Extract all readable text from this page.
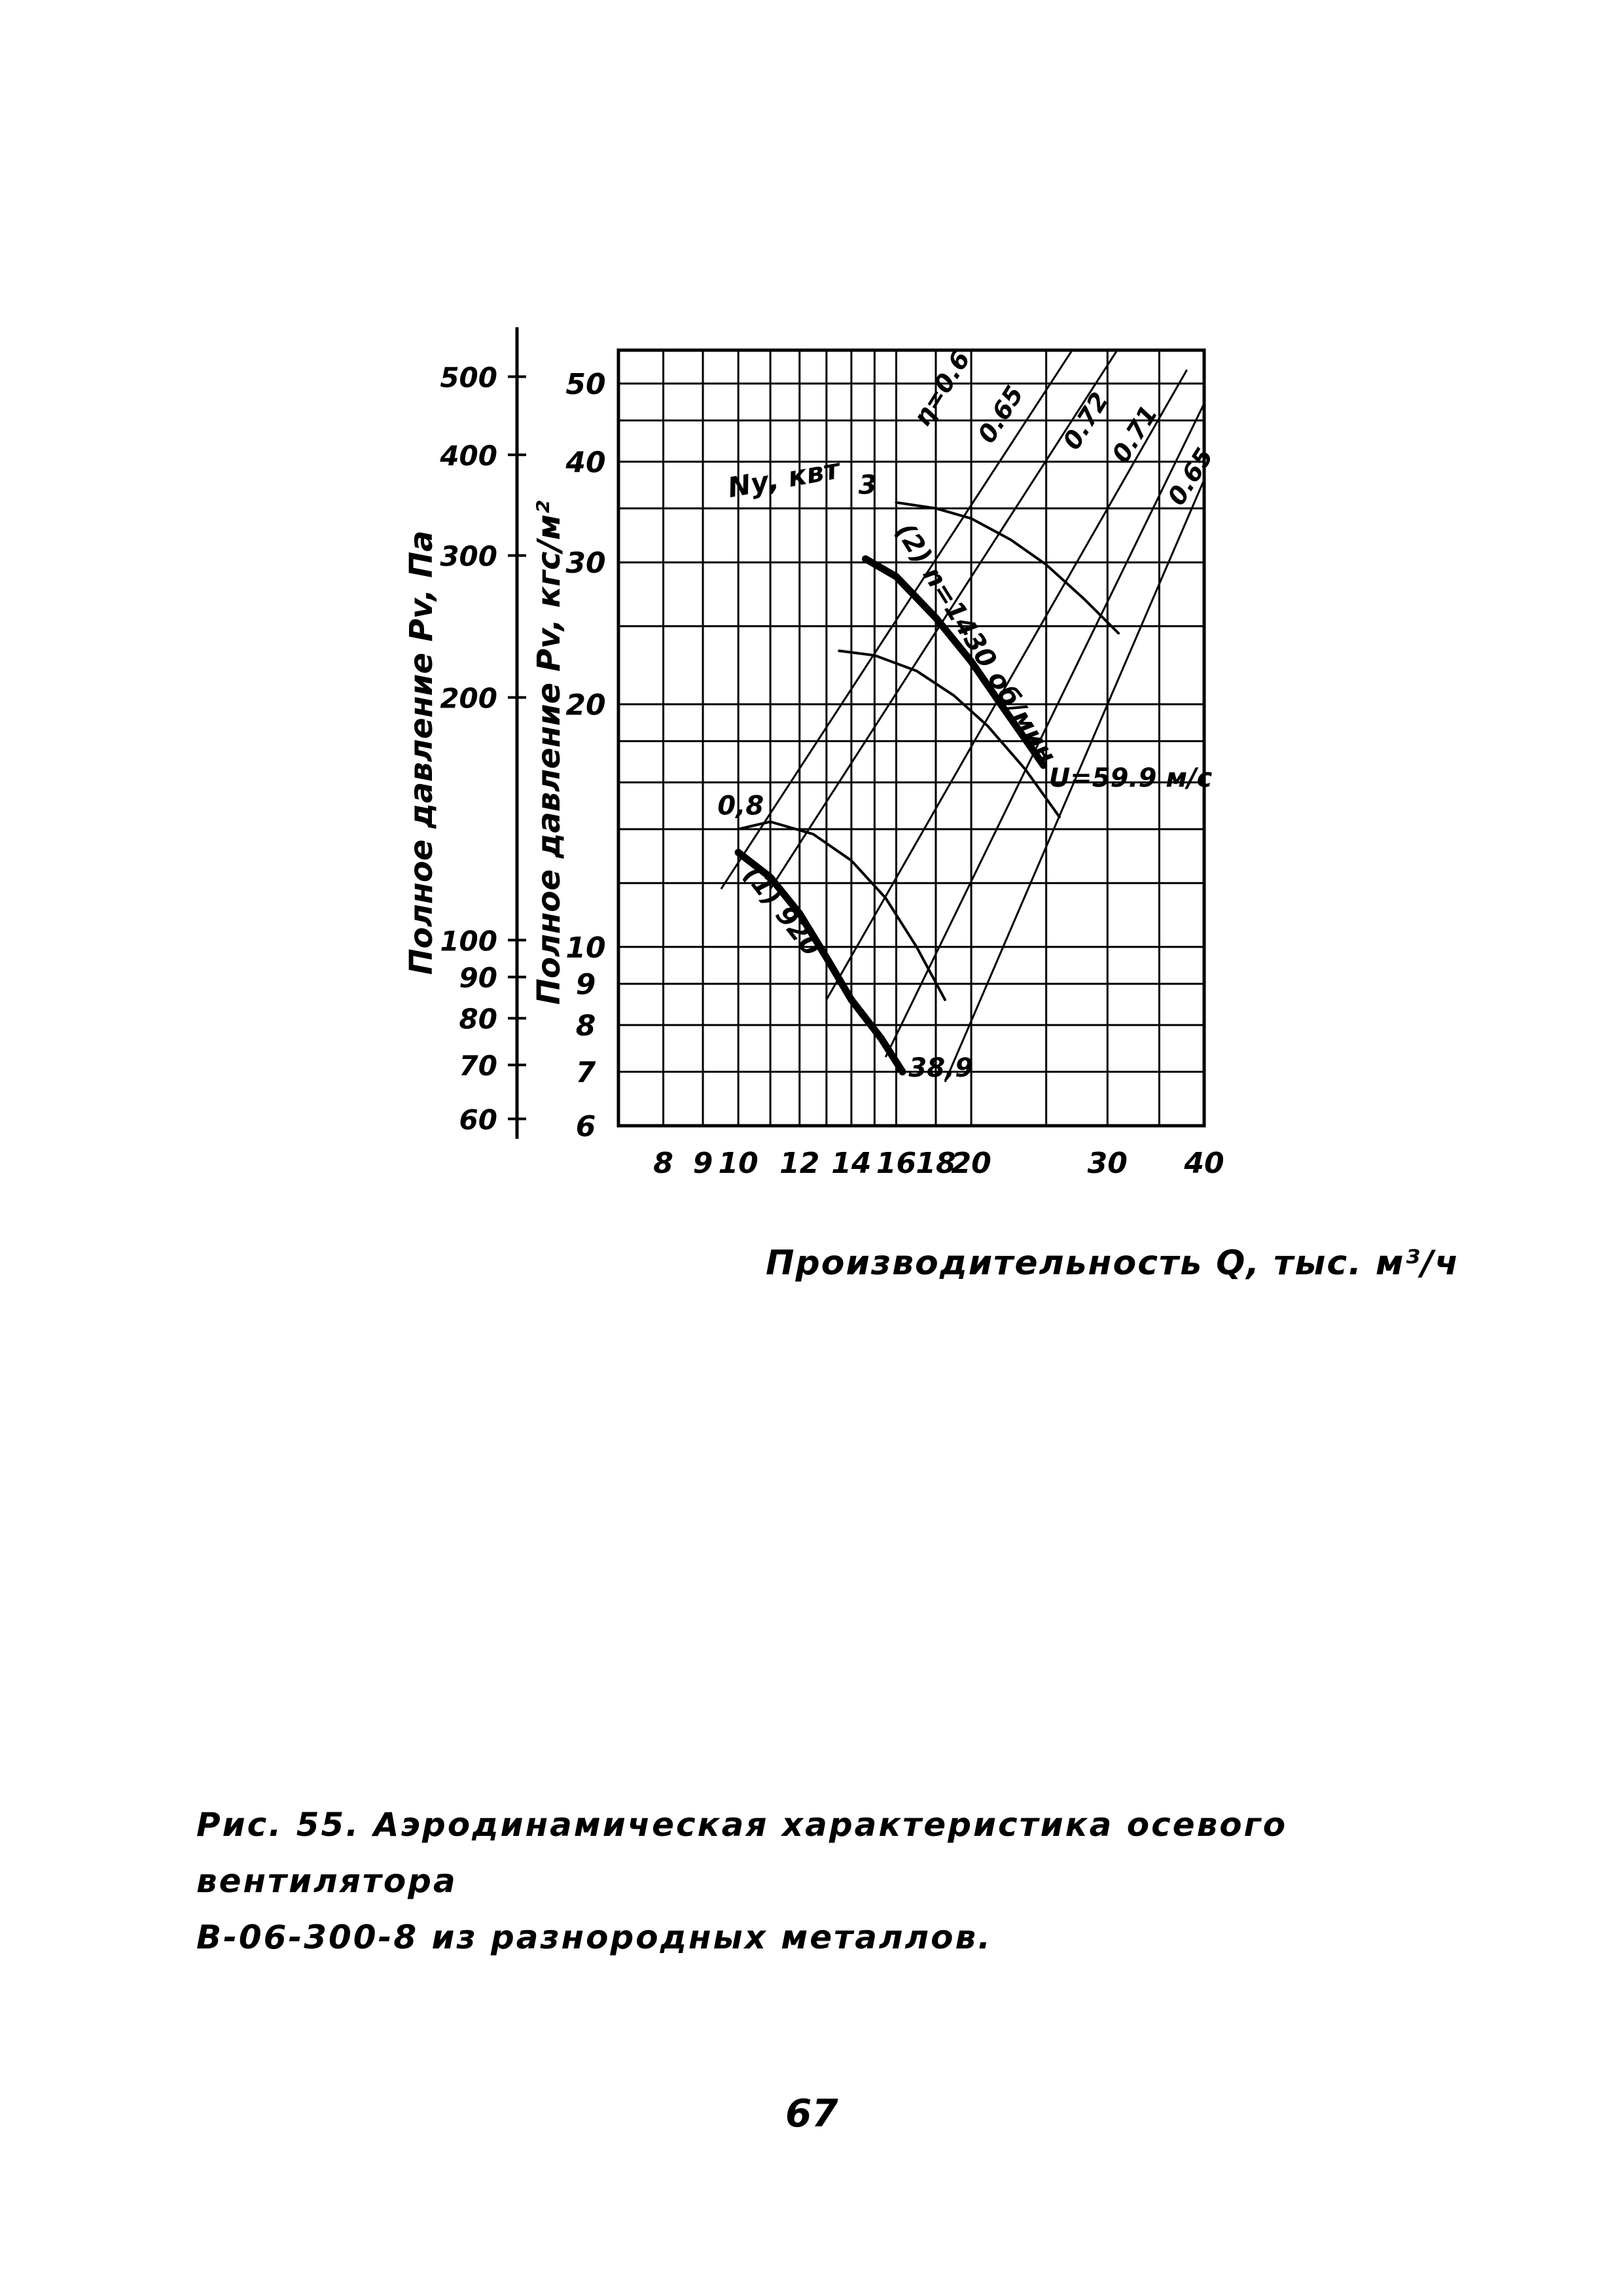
8 9 10 12 14 16 18
20	30 40
6
7
8
9
10
20
30
40
50
60
70
80
90
100
200
300
400
500
Полное давление Pv, Па	Полное давление Pv, кгс/м²
η=0.6
0.65 0.72
0.71
0.65
(1) 920
(2) n=1430 об/мин
Nу, квт
0,8
3
38,9
U=59.9 м/с
Производительность Q, тыс. м³/ч
Рис. 55. Аэродинамическая характеристика осевого вентилятора
В-06-300-8 из разнородных металлов.
67
